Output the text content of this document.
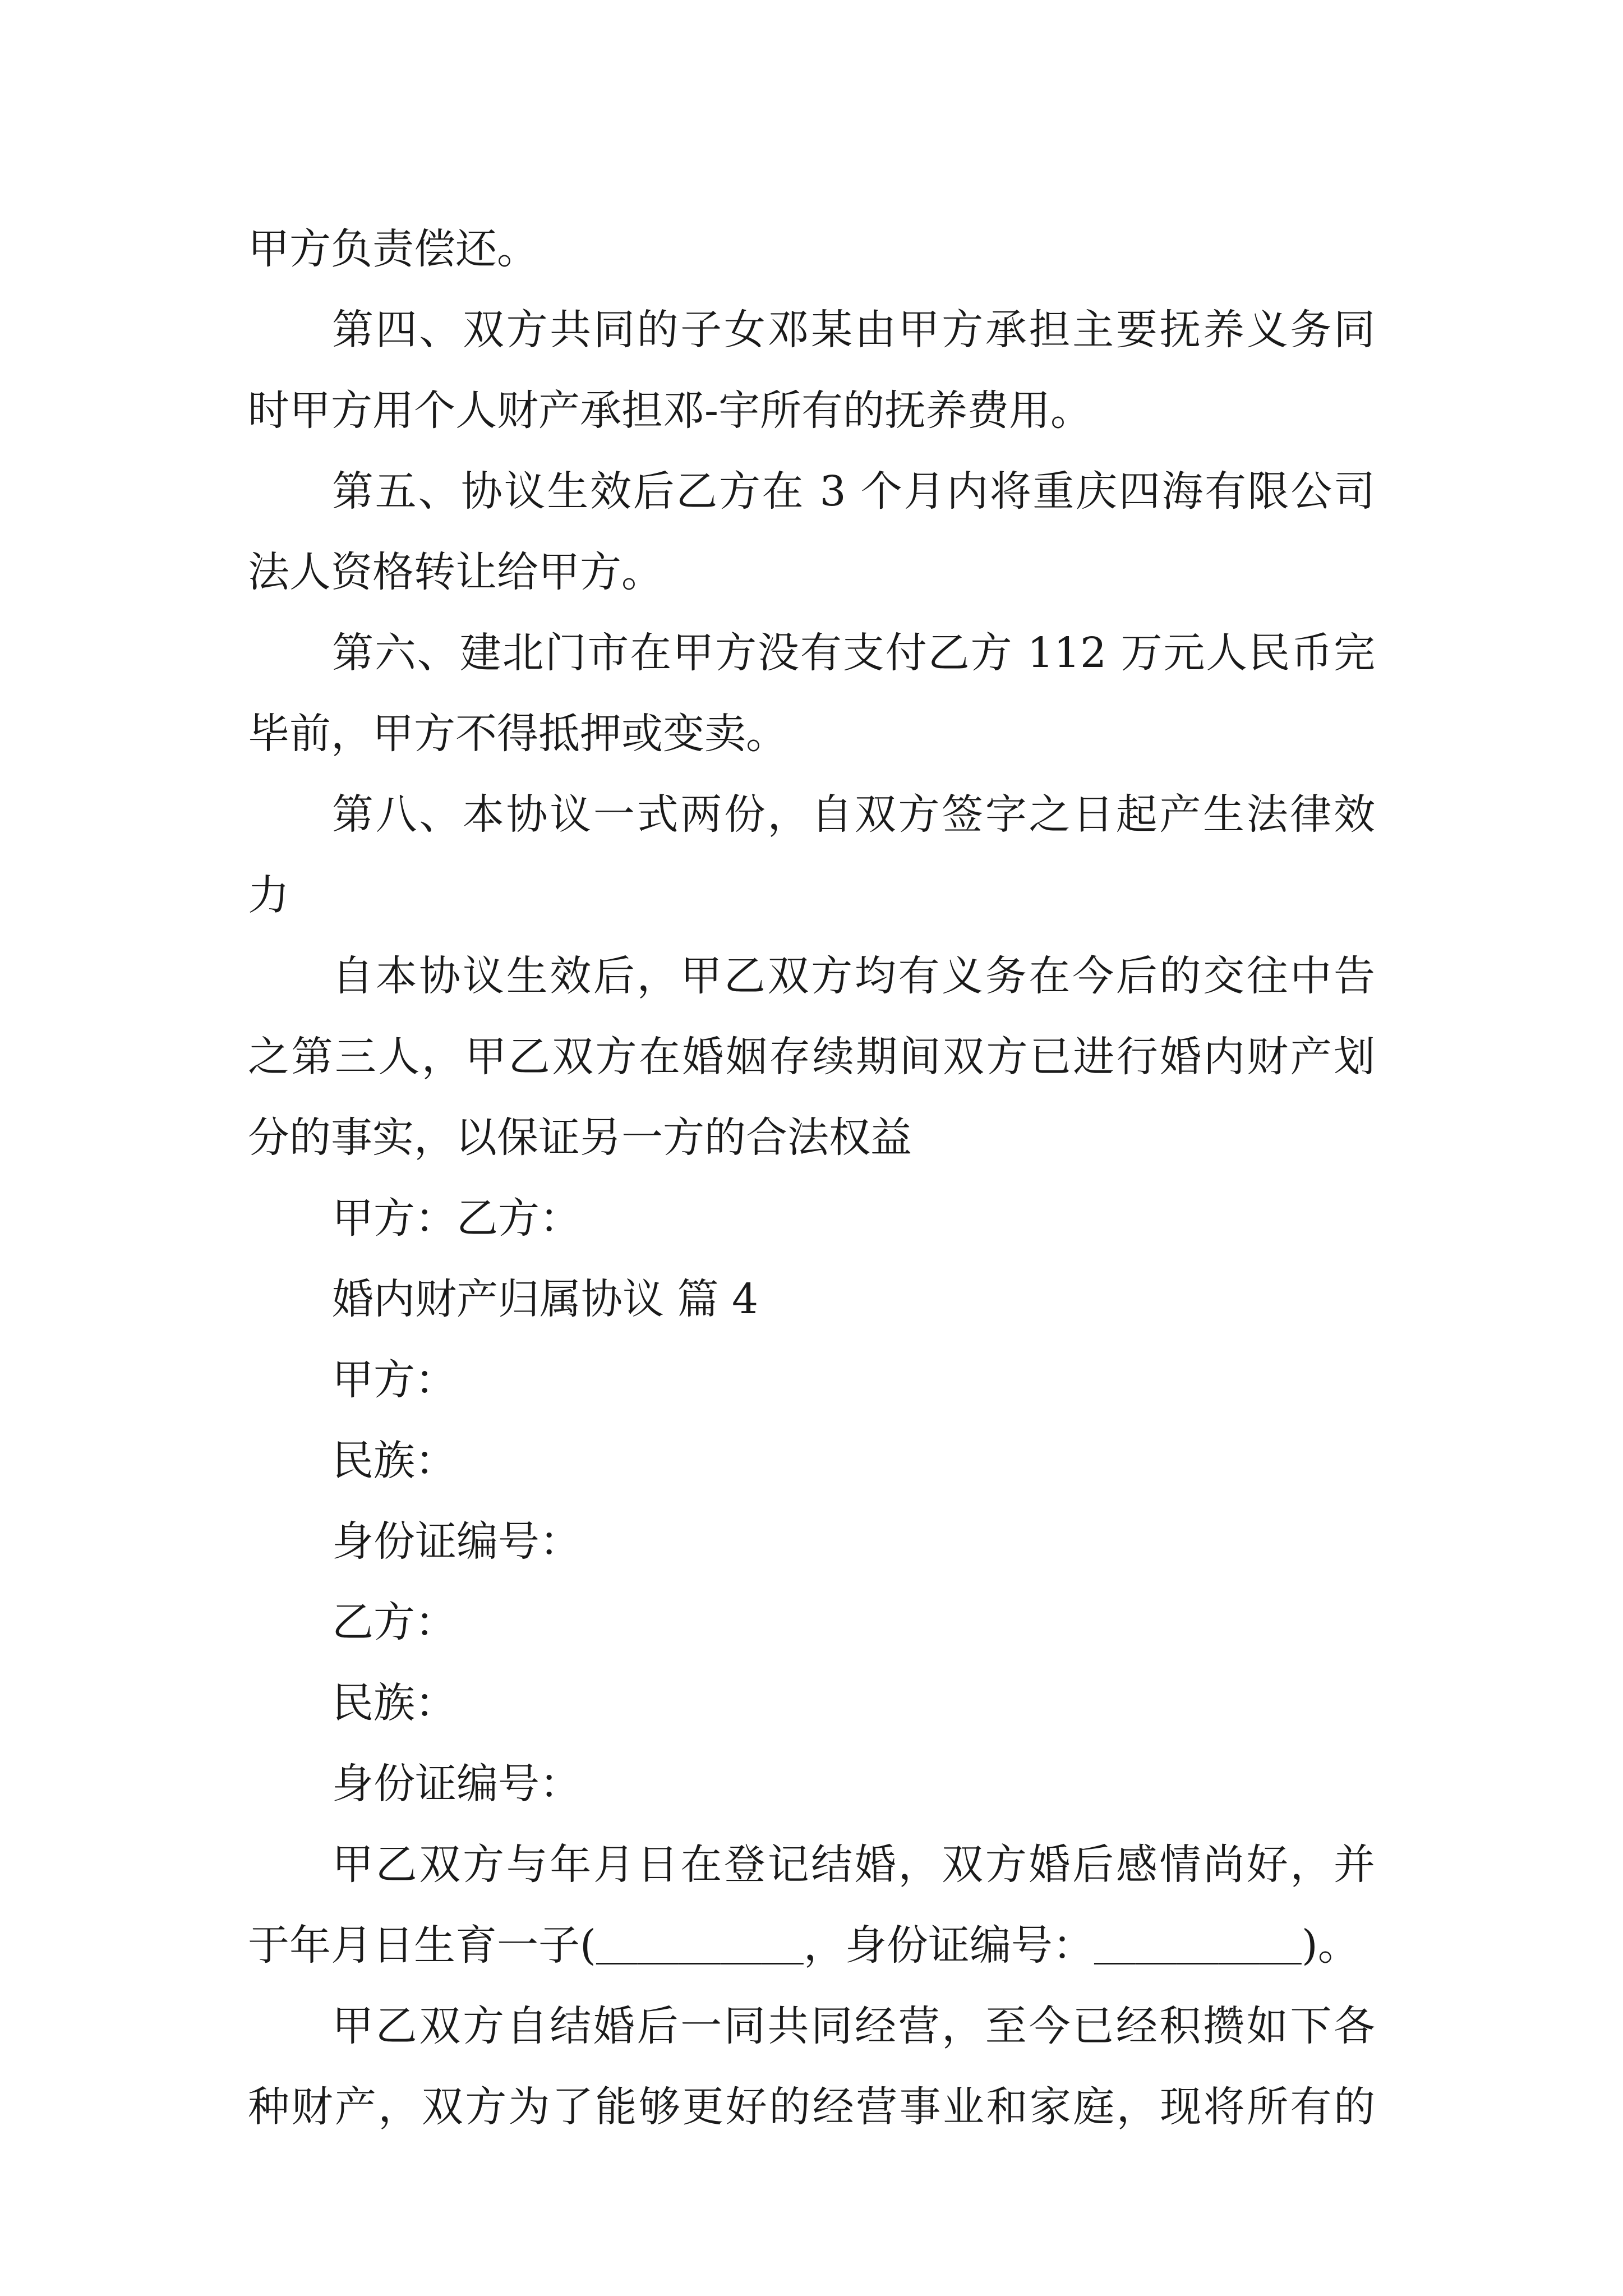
甲方负责偿还。
第四、双方共同的子女邓某由甲方承担主要抚养义务同
时甲方用个人财产承担邓-宇所有的抚养费用。
第五、协议生效后乙方在 3 个月内将重庆四海有限公司
法人资格转让给甲方。
第六、建北门市在甲方没有支付乙方 112 万元人民币完
毕前，甲方不得抵押或变卖。
第八、本协议一式两份，自双方签字之日起产生法律效
力
自本协议生效后，甲乙双方均有义务在今后的交往中告
之第三人，甲乙双方在婚姻存续期间双方已进行婚内财产划
分的事实，以保证另一方的合法权益
甲方：乙方：
婚内财产归属协议 篇 4
甲方：
民族：
身份证编号：
乙方：
民族：
身份证编号：
甲乙双方与年月日在登记结婚，双方婚后感情尚好，并
于年月日生育一子(＿＿＿＿＿，身份证编号：＿＿＿＿＿)。
甲乙双方自结婚后一同共同经营，至今已经积攒如下各
种财产，双方为了能够更好的经营事业和家庭，现将所有的
